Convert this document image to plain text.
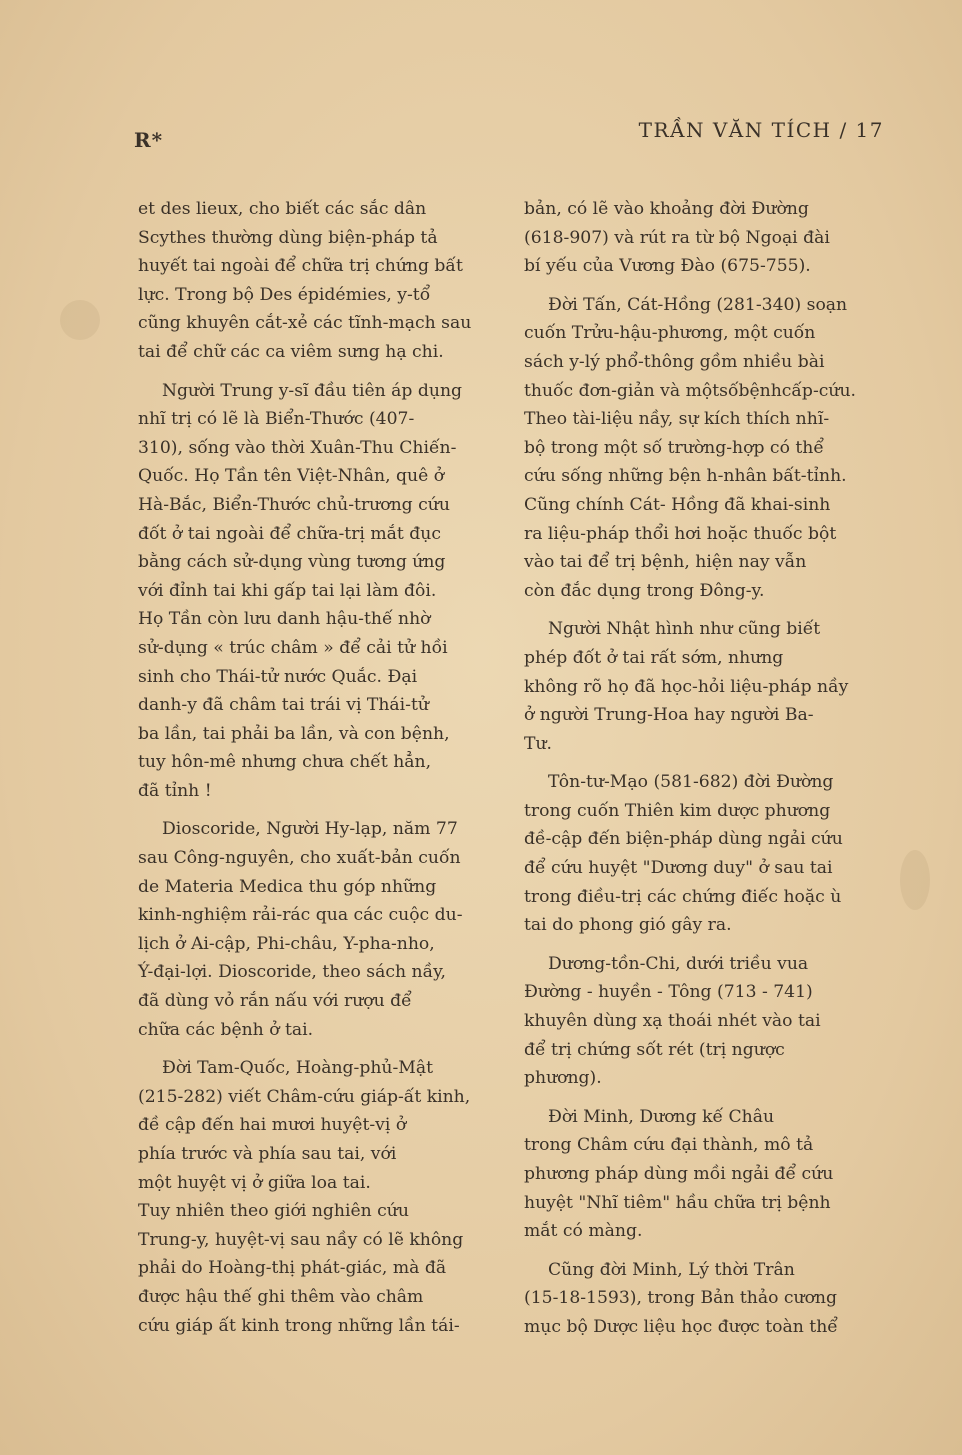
R*	TRẦN VĂN TÍCH / 17

et des lieux, cho biết các sắc dân
Scythes thường dùng biện-pháp tả
huyết tai ngoài để chữa trị chứng bất
lực. Trong bộ Des épidémies, y-tổ
cũng khuyên cắt-xẻ các tĩnh-mạch sau
tai để chữ các ca viêm sưng hạ chi.

Người Trung y-sĩ đầu tiên áp dụng
nhĩ trị có lẽ là Biển-Thước (407-
310), sống vào thời Xuân-Thu Chiến-
Quốc. Họ Tần tên Việt-Nhân, quê ở
Hà-Bắc, Biển-Thước chủ-trương cứu
đốt ở tai ngoài để chữa-trị mắt đục
bằng cách sử-dụng vùng tương ứng
với đỉnh tai khi gấp tai lại làm đôi.
Họ Tần còn lưu danh hậu-thế nhờ
sử-dụng « trúc châm » để cải tử hồi
sinh cho Thái-tử nước Quắc. Đại
danh-y đã châm tai trái vị Thái-tử
ba lần, tai phải ba lần, và con bệnh,
tuy hôn-mê nhưng chưa chết hẳn,
đã tỉnh !

Dioscoride, Người Hy-lạp, năm 77
sau Công-nguyên, cho xuất-bản cuốn
de Materia Medica thu góp những
kinh-nghiệm rải-rác qua các cuộc du-
lịch ở Ai-cập, Phi-châu, Y-pha-nho,
Ý-đại-lợi. Dioscoride, theo sách nầy,
đã dùng vỏ rắn nấu với rượu để
chữa các bệnh ở tai.

Đời Tam-Quốc, Hoàng-phủ-Mật
(215-282) viết Châm-cứu giáp-ất kinh,
đề cập đến hai mươi huyệt-vị ở
phía trước và phía sau tai, với
một huyệt vị ở giữa loa tai.
Tuy nhiên theo giới nghiên cứu
Trung-y, huyệt-vị sau nầy có lẽ không
phải do Hoàng-thị phát-giác, mà đã
được hậu thế ghi thêm vào châm
cứu giáp ất kinh trong những lần tái-

bản, có lẽ vào khoảng đời Đường
(618-907) và rút ra từ bộ Ngoại đài
bí yếu của Vương Đào (675-755).

Đời Tấn, Cát-Hồng (281-340) soạn
cuốn Trửu-hậu-phương, một cuốn
sách y-lý phổ-thông gồm nhiều bài
thuốc đơn-giản và mộtsốbệnhcấp-cứu.
Theo tài-liệu nầy, sự kích thích nhĩ-
bộ trong một số trường-hợp có thể
cứu sống những bện h-nhân bất-tỉnh.
Cũng chính Cát- Hồng đã khai-sinh
ra liệu-pháp thổi hơi hoặc thuốc bột
vào tai để trị bệnh, hiện nay vẫn
còn đắc dụng trong Đông-y.

Người Nhật hình như cũng biết
phép đốt ở tai rất sớm, nhưng
không rõ họ đã học-hỏi liệu-pháp nầy
ở người Trung-Hoa hay người Ba-
Tư.

Tôn-tư-Mạo (581-682) đời Đường
trong cuốn Thiên kim dược phương
đề-cập đến biện-pháp dùng ngải cứu
để cứu huyệt "Dương duy" ở sau tai
trong điều-trị các chứng điếc hoặc ù
tai do phong gió gây ra.

Dương-tồn-Chi, dưới triều vua
Đường - huyền - Tông (713 - 741)
khuyên dùng xạ thoái nhét vào tai
để trị chứng sốt rét (trị ngược
phương).

Đời Minh, Dương kế Châu
trong Châm cứu đại thành, mô tả
phương pháp dùng mồi ngải để cứu
huyệt "Nhĩ tiêm" hầu chữa trị bệnh
mắt có màng.

Cũng đời Minh, Lý thời Trân
(15-18-1593), trong Bản thảo cương
mục bộ Dược liệu học được toàn thể
